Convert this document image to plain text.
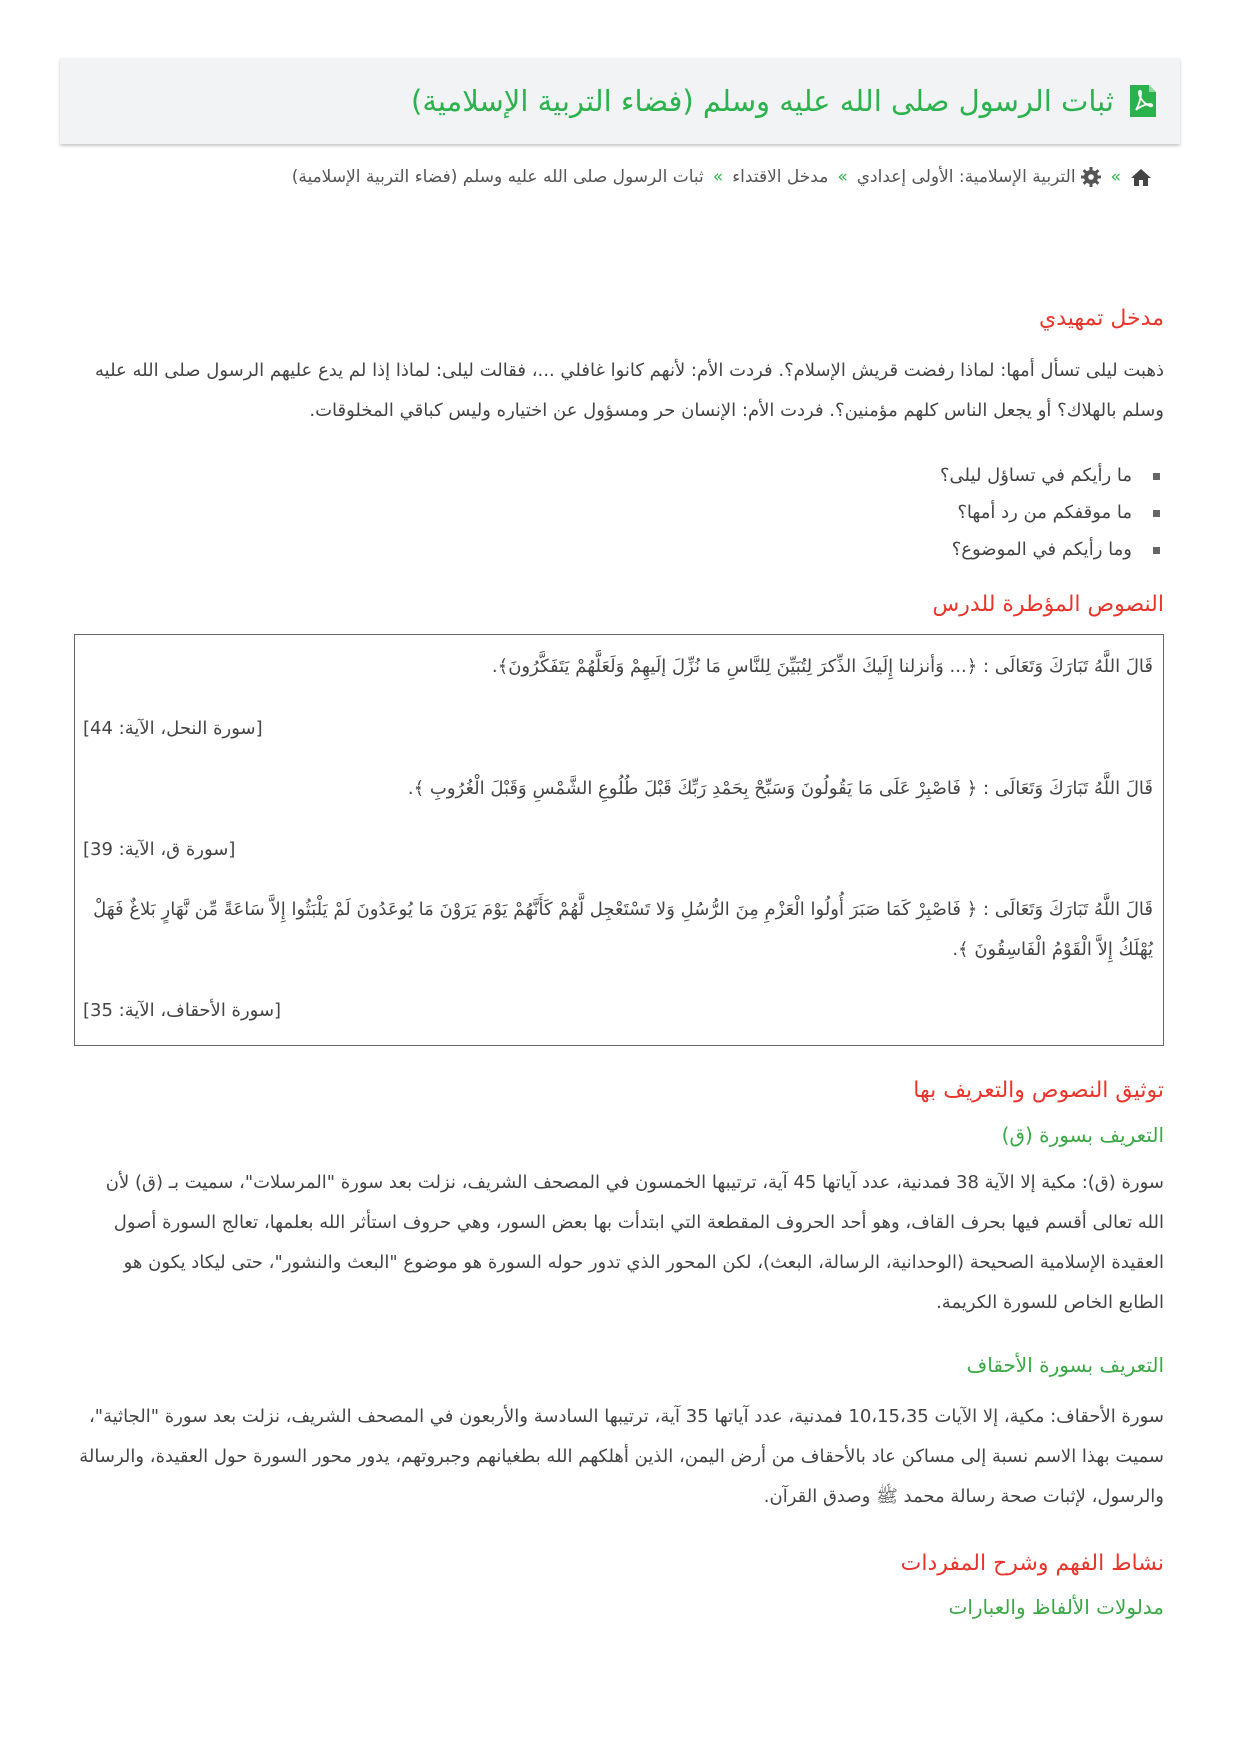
ثبات الرسول صلى الله عليه وسلم (فضاء التربية الإسلامية)
»
التربية الإسلامية: الأولى إعدادي
»
مدخل الاقتداء
»
ثبات الرسول صلى الله عليه وسلم (فضاء التربية الإسلامية)
مدخل تمهيدي

ذهبت ليلى تسأل أمها: لماذا رفضت قريش الإسلام؟. فردت الأم: لأنهم كانوا غافلي ...، فقالت ليلى: لماذا إذا لم يدع عليهم الرسول صلى الله عليه وسلم بالهلاك؟ أو يجعل الناس كلهم مؤمنين؟. فردت الأم: الإنسان حر ومسؤول عن اختياره وليس كباقي المخلوقات.

ما رأيكم في تساؤل ليلى؟
ما موقفكم من رد أمها؟
وما رأيكم في الموضوع؟
النصوص المؤطرة للدرس

قَالَ اللَّهُ تَبَارَكَ وَتَعَالَى : ﴿... وَأنزلنا إِلَيكَ الذِّكرَ لِتُبَيِّنَ لِلنَّاسِ مَا نُزِّلَ إلَيهِمْ وَلَعَلَّهُمْ يَتَفَكَّرُونَ﴾.

[سورة النحل، الآية: 44]

قَالَ اللَّهُ تَبَارَكَ وَتَعَالَى : ﴿ فَاصْبِرْ عَلَى مَا يَقُولُونَ وَسَبِّحْ بِحَمْدِ رَبِّكَ قَبْلَ طُلُوعِ الشَّمْسِ وَقَبْلَ الْغُرُوبِ ﴾.

[سورة ق، الآية: 39]

قَالَ اللَّهُ تَبَارَكَ وَتَعَالَى : ﴿ فَاصْبِرْ كَمَا صَبَرَ أُولُوا الْعَزْمِ مِنَ الرُّسُلِ وَلا تَسْتَعْجِل لَّهُمْ كَأَنَّهُمْ يَوْمَ يَرَوْنَ مَا يُوعَدُونَ لَمْ يَلْبَثُوا إِلاَّ سَاعَةً مِّن نَّهَارٍ بَلاغٌ فَهَلْ يُهْلَكُ إِلاَّ الْقَوْمُ الْفَاسِقُونَ ﴾.

[سورة الأحقاف، الآية: 35]

توثيق النصوص والتعريف بها
التعريف بسورة (ق)

سورة (ق): مكية إلا الآية 38 فمدنية، عدد آياتها 45 آية، ترتيبها الخمسون في المصحف الشريف، نزلت بعد سورة "المرسلات"، سميت بـ (ق) لأن الله تعالى أقسم فيها بحرف القاف، وهو أحد الحروف المقطعة التي ابتدأت بها بعض السور، وهي حروف استأثر الله بعلمها، تعالج السورة أصول العقيدة الإسلامية الصحيحة (الوحدانية، الرسالة، البعث)، لكن المحور الذي تدور حوله السورة هو موضوع "البعث والنشور"، حتى ليكاد يكون هو الطابع الخاص للسورة الكريمة.

التعريف بسورة الأحقاف

سورة الأحقاف: مكية، إلا الآيات 10،15،35 فمدنية، عدد آياتها 35 آية، ترتيبها السادسة والأربعون في المصحف الشريف، نزلت بعد سورة "الجاثية"، سميت بهذا الاسم نسبة إلى مساكن عاد بالأحقاف من أرض اليمن، الذين أهلكهم الله بطغيانهم وجبروتهم، يدور محور السورة حول العقيدة، والرسالة والرسول، لإثبات صحة رسالة محمد ﷺ وصدق القرآن.

نشاط الفهم وشرح المفردات
مدلولات الألفاظ والعبارات
